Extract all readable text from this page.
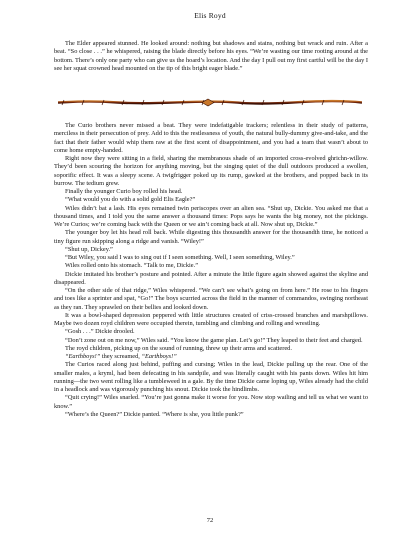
Elis Royd

The Elder appeared stunned. He looked around: nothing but shadows and stains, nothing but wrack and ruin. After a beat. “So close . . .” he whispered, raising the blade directly before his eyes. “We’re wasting our time rooting around at the bottom. There’s only one party who can give us the hoard’s location. And the day I pull out my first cartful will be the day I see her squat crowned head mounted on the tip of this bright eager blade.”

The Curio brothers never missed a beat. They were indefatigable trackers; relentless in their study of patterns, merciless in their persecution of prey. Add to this the restlessness of youth, the natural bully-dummy give-and-take, and the fact that their father would whip them raw at the first scent of disappointment, and you had a team that wasn’t about to come home empty-handed.

Right now they were sitting in a field, sharing the membranous shade of an imported cross-evolved ghrichn-willow. They’d been scouring the horizon for anything moving, but the singing quiet of the dull outdoors produced a swollen, soporific effect. It was a sleepy scene. A twigfrigger poked up its rump, gawked at the brothers, and popped back in its burrow. The tedium grew.

Finally the younger Curio boy rolled his head.

“What would you do with a solid gold Elis Eagle?”

Wiles didn’t bat a lash. His eyes remained twin periscopes over an alien sea. “Shut up, Dickie. You asked me that a thousand times, and I told you the same answer a thousand times: Pops says he wants the big money, not the pickings. We’re Curios; we’re coming back with the Queen or we ain’t coming back at all. Now shut up, Dickie.”

The younger boy let his head roll back. While digesting this thousandth answer for the thousandth time, he noticed a tiny figure run skipping along a ridge and vanish. “Wiley!”

“Shut up, Dickey.”

“But Wiley, you said I was to sing out if I seen something. Well, I seen something, Wiley.”

Wiles rolled onto his stomach. “Talk to me, Dickie.”

Dickie imitated his brother’s posture and pointed. After a minute the little figure again showed against the skyline and disappeared.

“On the other side of that ridge,” Wiles whispered. “We can’t see what’s going on from here.” He rose to his fingers and toes like a sprinter and spat, “Go!” The boys scurried across the field in the manner of commandos, swinging northeast as they ran. They sprawled on their bellies and looked down.

It was a bowl-shaped depression peppered with little structures created of criss-crossed branches and marshpillows. Maybe two dozen royd children were occupied therein, tumbling and climbing and rolling and wrestling.

“Gosh . . .” Dickie drooled.

“Don’t zone out on me now,” Wiles said. “You know the game plan. Let’s go!” They leaped to their feet and charged.

The royd children, picking up on the sound of running, threw up their arms and scattered.

“Earthboys!” they screamed, “Earthboys!”

The Curios raced along just behind, puffing and cursing; Wiles in the lead, Dickie pulling up the rear. One of the smaller males, a kryml, had been defecating in his sandpile, and was literally caught with his pants down. Wiles hit him running—the two went rolling like a tumbleweed in a gale. By the time Dickie came loping up, Wiles already had the child in a headlock and was vigorously punching his snout. Dickie took the hindlimbs.

“Quit crying!” Wiles snarled. “You’re just gonna make it worse for you. Now stop wailing and tell us what we want to know.”

“Where’s the Queen?” Dickie panted. “Where is she, you little punk?”

72
